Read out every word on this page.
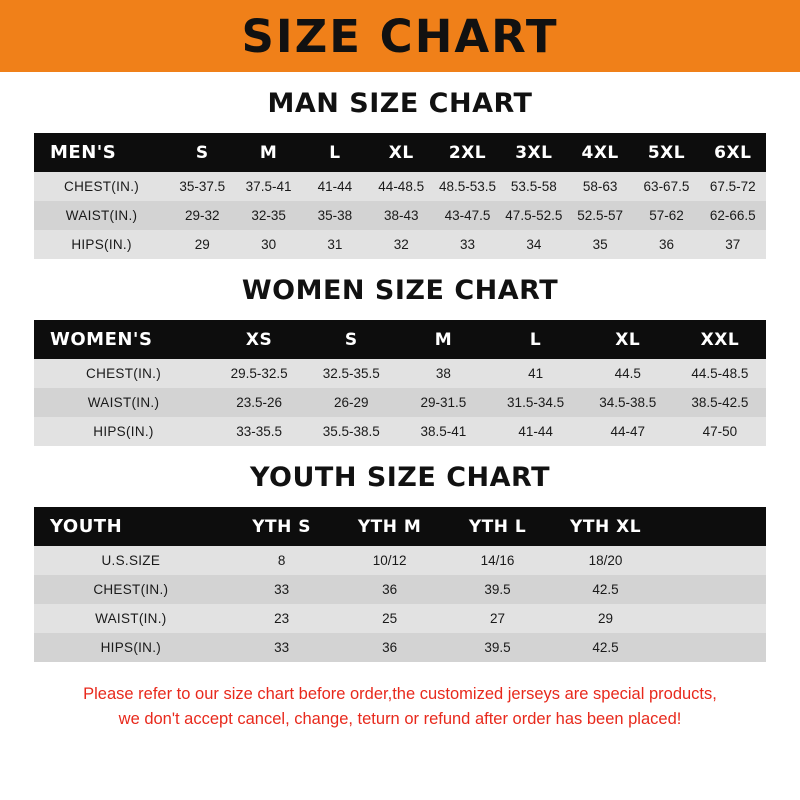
SIZE CHART
MAN SIZE CHART
MEN'S	S	M	L	XL	2XL	3XL	4XL	5XL	6XL
CHEST(IN.)	35-37.5	37.5-41	41-44	44-48.5	48.5-53.5	53.5-58	58-63	63-67.5	67.5-72
WAIST(IN.)	29-32	32-35	35-38	38-43	43-47.5	47.5-52.5	52.5-57	57-62	62-66.5
HIPS(IN.)	29	30	31	32	33	34	35	36	37
WOMEN SIZE CHART
WOMEN'S	XS	S	M	L	XL	XXL
CHEST(IN.)	29.5-32.5	32.5-35.5	38	41	44.5	44.5-48.5
WAIST(IN.)	23.5-26	26-29	29-31.5	31.5-34.5	34.5-38.5	38.5-42.5
HIPS(IN.)	33-35.5	35.5-38.5	38.5-41	41-44	44-47	47-50
YOUTH SIZE CHART
YOUTH	YTH S	YTH M	YTH L	YTH XL	
U.S.SIZE	8	10/12	14/16	18/20	
CHEST(IN.)	33	36	39.5	42.5	
WAIST(IN.)	23	25	27	29	
HIPS(IN.)	33	36	39.5	42.5	

Please refer to our size chart before order,the customized jerseys are special products,

we don't accept cancel, change, teturn or refund after order has been placed!
